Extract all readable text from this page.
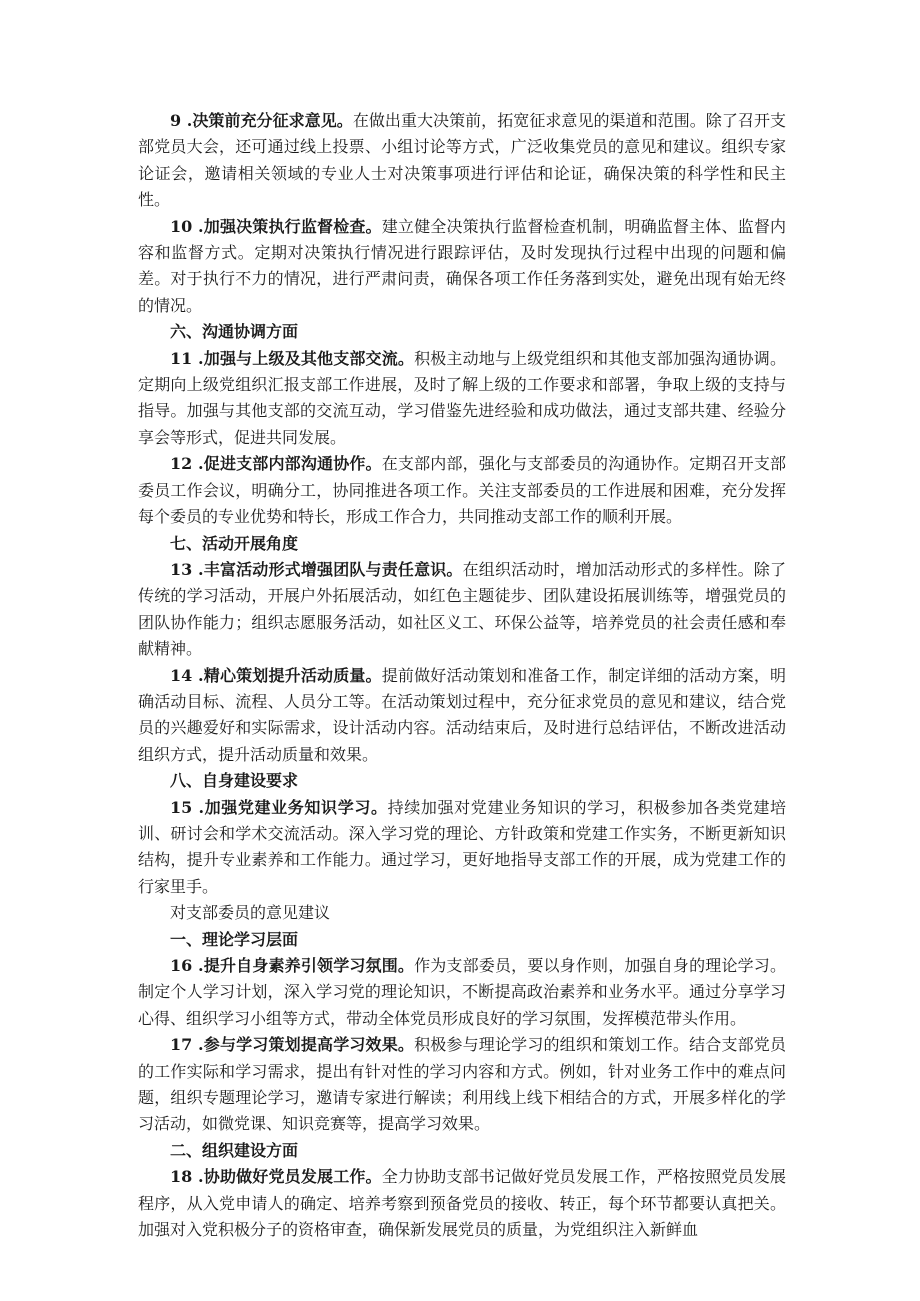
9 .决策前充分征求意见。在做出重大决策前，拓宽征求意见的渠道和范围。除了召开支部党员大会，还可通过线上投票、小组讨论等方式，广泛收集党员的意见和建议。组织专家论证会，邀请相关领域的专业人士对决策事项进行评估和论证，确保决策的科学性和民主性。

10 .加强决策执行监督检查。建立健全决策执行监督检查机制，明确监督主体、监督内容和监督方式。定期对决策执行情况进行跟踪评估，及时发现执行过程中出现的问题和偏差。对于执行不力的情况，进行严肃问责，确保各项工作任务落到实处，避免出现有始无终的情况。

六、沟通协调方面

11 .加强与上级及其他支部交流。积极主动地与上级党组织和其他支部加强沟通协调。定期向上级党组织汇报支部工作进展，及时了解上级的工作要求和部署，争取上级的支持与指导。加强与其他支部的交流互动，学习借鉴先进经验和成功做法，通过支部共建、经验分享会等形式，促进共同发展。

12 .促进支部内部沟通协作。在支部内部，强化与支部委员的沟通协作。定期召开支部委员工作会议，明确分工，协同推进各项工作。关注支部委员的工作进展和困难，充分发挥每个委员的专业优势和特长，形成工作合力，共同推动支部工作的顺利开展。

七、活动开展角度

13 .丰富活动形式增强团队与责任意识。在组织活动时，增加活动形式的多样性。除了传统的学习活动，开展户外拓展活动，如红色主题徒步、团队建设拓展训练等，增强党员的团队协作能力；组织志愿服务活动，如社区义工、环保公益等，培养党员的社会责任感和奉献精神。

14 .精心策划提升活动质量。提前做好活动策划和准备工作，制定详细的活动方案，明确活动目标、流程、人员分工等。在活动策划过程中，充分征求党员的意见和建议，结合党员的兴趣爱好和实际需求，设计活动内容。活动结束后，及时进行总结评估，不断改进活动组织方式，提升活动质量和效果。

八、自身建设要求

15 .加强党建业务知识学习。持续加强对党建业务知识的学习，积极参加各类党建培训、研讨会和学术交流活动。深入学习党的理论、方针政策和党建工作实务，不断更新知识结构，提升专业素养和工作能力。通过学习，更好地指导支部工作的开展，成为党建工作的行家里手。

对支部委员的意见建议

一、理论学习层面

16 .提升自身素养引领学习氛围。作为支部委员，要以身作则，加强自身的理论学习。制定个人学习计划，深入学习党的理论知识，不断提高政治素养和业务水平。通过分享学习心得、组织学习小组等方式，带动全体党员形成良好的学习氛围，发挥模范带头作用。

17 .参与学习策划提高学习效果。积极参与理论学习的组织和策划工作。结合支部党员的工作实际和学习需求，提出有针对性的学习内容和方式。例如，针对业务工作中的难点问题，组织专题理论学习，邀请专家进行解读；利用线上线下相结合的方式，开展多样化的学习活动，如微党课、知识竞赛等，提高学习效果。

二、组织建设方面

18 .协助做好党员发展工作。全力协助支部书记做好党员发展工作，严格按照党员发展程序，从入党申请人的确定、培养考察到预备党员的接收、转正，每个环节都要认真把关。加强对入党积极分子的资格审查，确保新发展党员的质量，为党组织注入新鲜血
